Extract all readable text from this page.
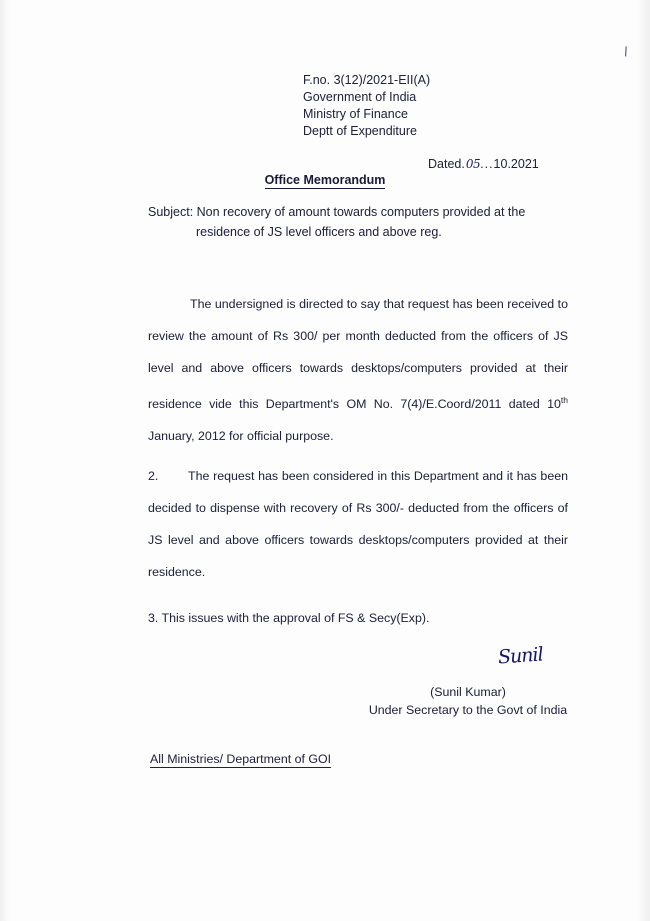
\
F.no. 3(12)/2021-EII(A)
Government of India
Ministry of Finance
Deptt of Expenditure
Dated.05...10.2021
Office Memorandum
Subject: Non recovery of amount towards computers provided at the
residence of JS level officers and above reg.

The undersigned is directed to say that request has been received to review the amount of Rs 300/ per month deducted from the officers of JS level and above officers towards desktops/computers provided at their residence vide this Department's OM No. 7(4)/E.Coord/2011 dated 10th January, 2012 for official purpose.

2. The request has been considered in this Department and it has been decided to dispense with recovery of Rs 300/- deducted from the officers of JS level and above officers towards desktops/computers provided at their residence.

3. This issues with the approval of FS & Secy(Exp).
Sunil
(Sunil Kumar)
Under Secretary to the Govt of India
All Ministries/ Department of GOI
